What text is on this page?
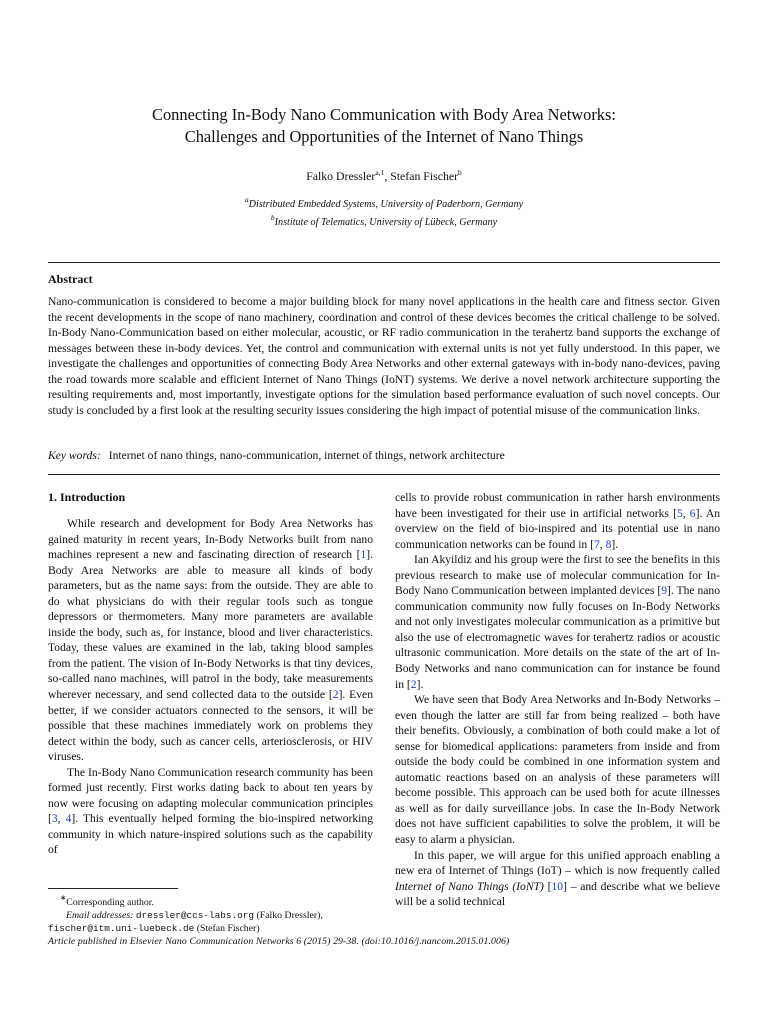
Connecting In-Body Nano Communication with Body Area Networks:
Challenges and Opportunities of the Internet of Nano Things
Falko Dressler$^{a,1}$, Stefan Fischer$^b$
$^a$Distributed Embedded Systems, University of Paderborn, Germany
$^b$Institute of Telematics, University of Lübeck, Germany
Abstract
Nano-communication is considered to become a major building block for many novel applications in the health care and fitness sector. Given the recent developments in the scope of nano machinery, coordination and control of these devices becomes the critical challenge to be solved. In-Body Nano-Communication based on either molecular, acoustic, or RF radio communication in the terahertz band supports the exchange of messages between these in-body devices. Yet, the control and communication with external units is not yet fully understood. In this paper, we investigate the challenges and opportunities of connecting Body Area Networks and other external gateways with in-body nano-devices, paving the road towards more scalable and efficient Internet of Nano Things (IoNT) systems. We derive a novel network architecture supporting the resulting requirements and, most importantly, investigate options for the simulation based performance evaluation of such novel concepts. Our study is concluded by a first look at the resulting security issues considering the high impact of potential misuse of the communication links.
Key words: Internet of nano things, nano-communication, internet of things, network architecture
1. Introduction

While research and development for Body Area Networks has gained maturity in recent years, In-Body Networks built from nano machines represent a new and fascinating direction of research [1]. Body Area Networks are able to measure all kinds of body parameters, but as the name says: from the outside. They are able to do what physicians do with their regular tools such as tongue depressors or thermometers. Many more parameters are available inside the body, such as, for instance, blood and liver characteristics. Today, these values are examined in the lab, taking blood samples from the patient. The vision of In-Body Networks is that tiny devices, so-called nano machines, will patrol in the body, take measurements wherever necessary, and send collected data to the outside [2]. Even better, if we consider actuators connected to the sensors, it will be possible that these machines immediately work on problems they detect within the body, such as cancer cells, arteriosclerosis, or HIV viruses.

The In-Body Nano Communication research community has been formed just recently. First works dating back to about ten years by now were focusing on adapting molecular communication principles [3, 4]. This eventually helped forming the bio-inspired networking community in which nature-inspired solutions such as the capability of

cells to provide robust communication in rather harsh environments have been investigated for their use in artificial networks [5, 6]. An overview on the field of bio-inspired and its potential use in nano communication networks can be found in [7, 8].

Ian Akyildiz and his group were the first to see the benefits in this previous research to make use of molecular communication for In-Body Nano Communication between implanted devices [9]. The nano communication community now fully focuses on In-Body Networks and not only investigates molecular communication as a primitive but also the use of electromagnetic waves for terahertz radios or acoustic ultrasonic communication. More details on the state of the art of In-Body Networks and nano communication can for instance be found in [2].

We have seen that Body Area Networks and In-Body Networks – even though the latter are still far from being realized – both have their benefits. Obviously, a combination of both could make a lot of sense for biomedical applications: parameters from inside and from outside the body could be combined in one information system and automatic reactions based on an analysis of these parameters will become possible. This approach can be used both for acute illnesses as well as for daily surveillance jobs. In case the In-Body Network does not have sufficient capabilities to solve the problem, it will be easy to alarm a physician.

In this paper, we will argue for this unified approach enabling a new era of Internet of Things (IoT) – which is now frequently called Internet of Nano Things (IoNT) [10] – and describe what we believe will be a solid technical

∗Corresponding author.
Email addresses: dressler@ccs-labs.org (Falko Dressler),
fischer@itm.uni-luebeck.de (Stefan Fischer)
Article published in Elsevier Nano Communication Networks 6 (2015) 29-38. (doi:10.1016/j.nancom.2015.01.006)
